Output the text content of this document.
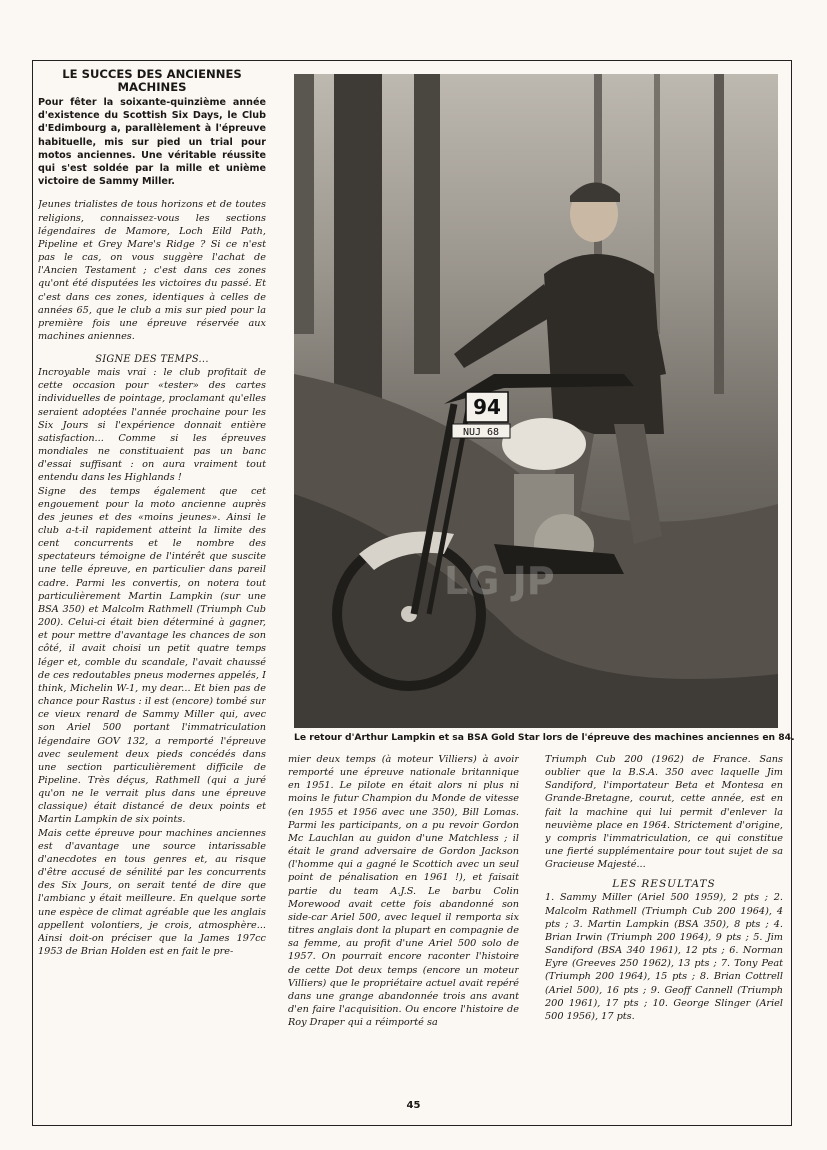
LE SUCCES DES ANCIENNES MACHINES

Pour fêter la soixante-quinzième année d'existence du Scottish Six Days, le Club d'Edimbourg a, parallèlement à l'épreuve habituelle, mis sur pied un trial pour motos anciennes. Une véritable réussite qui s'est soldée par la mille et unième victoire de Sammy Miller.

Jeunes trialistes de tous horizons et de toutes religions, connaissez-vous les sections légendaires de Mamore, Loch Eild Path, Pipeline et Grey Mare's Ridge ? Si ce n'est pas le cas, on vous suggère l'achat de l'Ancien Testament ; c'est dans ces zones qu'ont été disputées les victoires du passé. Et c'est dans ces zones, identiques à celles de années 65, que le club a mis sur pied pour la première fois une épreuve réservée aux machines aniennes.

SIGNE DES TEMPS...

Incroyable mais vrai : le club profitait de cette occasion pour «tester» des cartes individuelles de pointage, proclamant qu'elles seraient adoptées l'année prochaine pour les Six Jours si l'expérience donnait entière satisfaction... Comme si les épreuves mondiales ne constituaient pas un banc d'essai suffisant : on aura vraiment tout entendu dans les Highlands !

Signe des temps également que cet engouement pour la moto ancienne auprès des jeunes et des «moins jeunes». Ainsi le club a-t-il rapidement atteint la limite des cent concurrents et le nombre des spectateurs témoigne de l'intérêt que suscite une telle épreuve, en particulier dans pareil cadre. Parmi les convertis, on notera tout particulièrement Martin Lampkin (sur une BSA 350) et Malcolm Rathmell (Triumph Cub 200). Celui-ci était bien déterminé à gagner, et pour mettre d'avantage les chances de son côté, il avait choisi un petit quatre temps léger et, comble du scandale, l'avait chaussé de ces redoutables pneus modernes appelés, I think, Michelin W-1, my dear... Et bien pas de chance pour Rastus : il est (encore) tombé sur ce vieux renard de Sammy Miller qui, avec son Ariel 500 portant l'immatriculation légendaire GOV 132, a remporté l'épreuve avec seulement deux pieds concédés dans une section particulièrement difficile de Pipeline. Très déçus, Rathmell (qui a juré qu'on ne le verrait plus dans une épreuve classique) était distancé de deux points et Martin Lampkin de six points.

Mais cette épreuve pour machines anciennes est d'avantage une source intarissable d'anecdotes en tous genres et, au risque d'être accusé de sénilité par les concurrents des Six Jours, on serait tenté de dire que l'ambianc y était meilleure. En quelque sorte une espèce de climat agréable que les anglais appellent volontiers, je crois, atmosphère... Ainsi doit-on préciser que la James 197cc 1953 de Brian Holden est en fait le pre-

94
NUJ 68
LG JP
Le retour d'Arthur Lampkin et sa BSA Gold Star lors de l'épreuve des machines anciennes en 84.

mier deux temps (à moteur Villiers) à avoir remporté une épreuve nationale britannique en 1951. Le pilote en était alors ni plus ni moins le futur Champion du Monde de vitesse (en 1955 et 1956 avec une 350), Bill Lomas. Parmi les participants, on a pu revoir Gordon Mc Lauchlan au guidon d'une Matchless ; il était le grand adversaire de Gordon Jackson (l'homme qui a gagné le Scottich avec un seul point de pénalisation en 1961 !), et faisait partie du team A.J.S. Le barbu Colin Morewood avait cette fois abandonné son side-car Ariel 500, avec lequel il remporta six titres anglais dont la plupart en compagnie de sa femme, au profit d'une Ariel 500 solo de 1957. On pourrait encore raconter l'histoire de cette Dot deux temps (encore un moteur Villiers) que le propriétaire actuel avait repéré dans une grange abandonnée trois ans avant d'en faire l'acquisition. Ou encore l'histoire de Roy Draper qui a réimporté sa

Triumph Cub 200 (1962) de France. Sans oublier que la B.S.A. 350 avec laquelle Jim Sandiford, l'importateur Beta et Montesa en Grande-Bretagne, courut, cette année, est en fait la machine qui lui permit d'enlever la neuvième place en 1964. Strictement d'origine, y compris l'immatriculation, ce qui constitue une fierté supplémentaire pour tout sujet de sa Gracieuse Majesté...

LES RESULTATS

1. Sammy Miller (Ariel 500 1959), 2 pts ; 2. Malcolm Rathmell (Triumph Cub 200 1964), 4 pts ; 3. Martin Lampkin (BSA 350), 8 pts ; 4. Brian Irwin (Triumph 200 1964), 9 pts ; 5. Jim Sandiford (BSA 340 1961), 12 pts ; 6. Norman Eyre (Greeves 250 1962), 13 pts ; 7. Tony Peat (Triumph 200 1964), 15 pts ; 8. Brian Cottrell (Ariel 500), 16 pts ; 9. Geoff Cannell (Triumph 200 1961), 17 pts ; 10. George Slinger (Ariel 500 1956), 17 pts.

45
